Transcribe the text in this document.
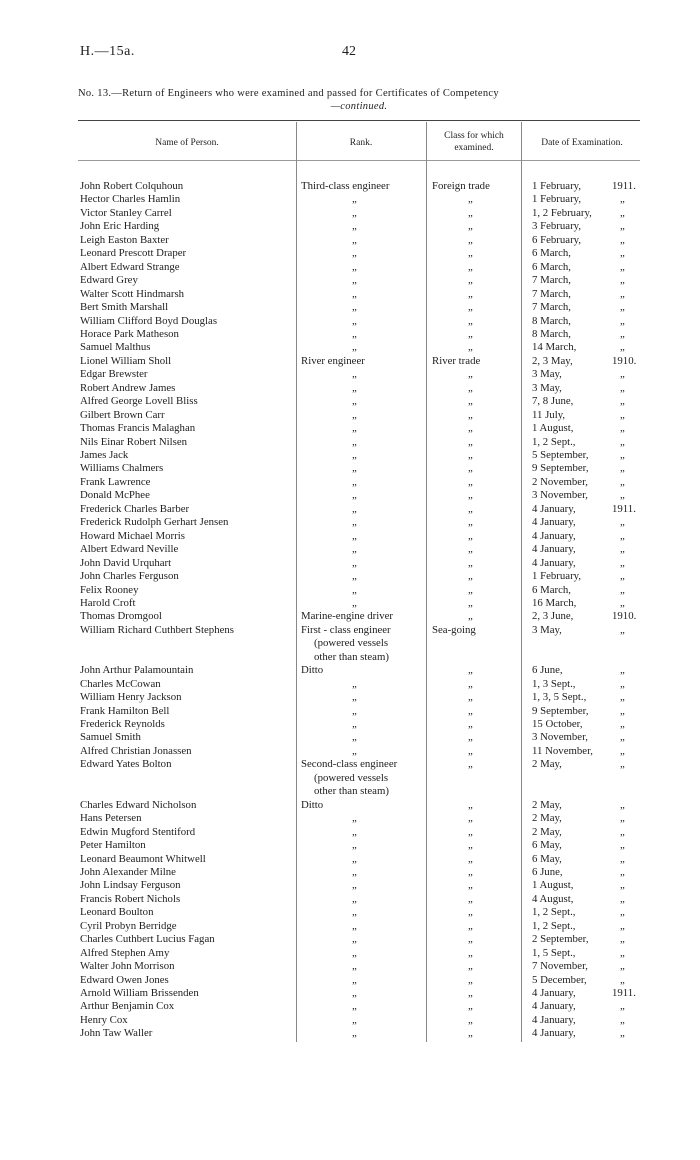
H.—15a.	42
No. 13.—Return of Engineers who were examined and passed for Certificates of Competency
—continued.
Name of Person.	Rank.
Class for which examined.	Date of Examination.
John Robert Colquhoun	Third-class engineer	Foreign trade	1 February,	1911.
Hector Charles Hamlin	„	„	1 February,	„
Victor Stanley Carrel	„	„	1, 2 February,	„
John Eric Harding	„	„	3 February,	„
Leigh Easton Baxter	„	„	6 February,	„
Leonard Prescott Draper	„	„	6 March,	„
Albert Edward Strange	„	„	6 March,	„
Edward Grey	„	„	7 March,	„
Walter Scott Hindmarsh	„	„	7 March,	„
Bert Smith Marshall	„	„	7 March,	„
William Clifford Boyd Douglas	„	„	8 March,	„
Horace Park Matheson	„	„	8 March,	„
Samuel Malthus	„	„	14 March,	„
Lionel William Sholl	River engineer	River trade	2, 3 May,	1910.
Edgar Brewster	„	„	3 May,	„
Robert Andrew James	„	„	3 May,	„
Alfred George Lovell Bliss	„	„	7, 8 June,	„
Gilbert Brown Carr	„	„	11 July,	„
Thomas Francis Malaghan	„	„	1 August,	„
Nils Einar Robert Nilsen	„	„	1, 2 Sept.,	„
James Jack	„	„	5 September,	„
Williams Chalmers	„	„	9 September,	„
Frank Lawrence	„	„	2 November,	„
Donald McPhee	„	„	3 November,	„
Frederick Charles Barber	„	„	4 January,	1911.
Frederick Rudolph Gerhart Jensen	„	„	4 January,	„
Howard Michael Morris	„	„	4 January,	„
Albert Edward Neville	„	„	4 January,	„
John David Urquhart	„	„	4 January,	„
John Charles Ferguson	„	„	1 February,	„
Felix Rooney	„	„	6 March,	„
Harold Croft	„	„	16 March,	„
Thomas Dromgool	Marine-engine driver	„	2, 3 June,	1910.
William Richard Cuthbert Stephens	First - class engineer	Sea-going	3 May,	„
(powered vessels
other than steam)
John Arthur Palamountain	Ditto	„	6 June,	„
Charles McCowan	„	„	1, 3 Sept.,	„
William Henry Jackson	„	„	1, 3, 5 Sept.,	„
Frank Hamilton Bell	„	„	9 September,	„
Frederick Reynolds	„	„	15 October,	„
Samuel Smith	„	„	3 November,	„
Alfred Christian Jonassen	„	„	11 November,	„
Edward Yates Bolton	Second-class engineer	„	2 May,	„
(powered vessels
other than steam)
Charles Edward Nicholson	Ditto	„	2 May,	„
Hans Petersen	„	„	2 May,	„
Edwin Mugford Stentiford	„	„	2 May,	„
Peter Hamilton	„	„	6 May,	„
Leonard Beaumont Whitwell	„	„	6 May,	„
John Alexander Milne	„	„	6 June,	„
John Lindsay Ferguson	„	„	1 August,	„
Francis Robert Nichols	„	„	4 August,	„
Leonard Boulton	„	„	1, 2 Sept.,	„
Cyril Probyn Berridge	„	„	1, 2 Sept.,	„
Charles Cuthbert Lucius Fagan	„	„	2 September,	„
Alfred Stephen Amy	„	„	1, 5 Sept.,	„
Walter John Morrison	„	„	7 November,	„
Edward Owen Jones	„	„	5 December,	„
Arnold William Brissenden	„	„	4 January,	1911.
Arthur Benjamin Cox	„	„	4 January,	„
Henry Cox	„	„	4 January,	„
John Taw Waller	„	„	4 January,	„
